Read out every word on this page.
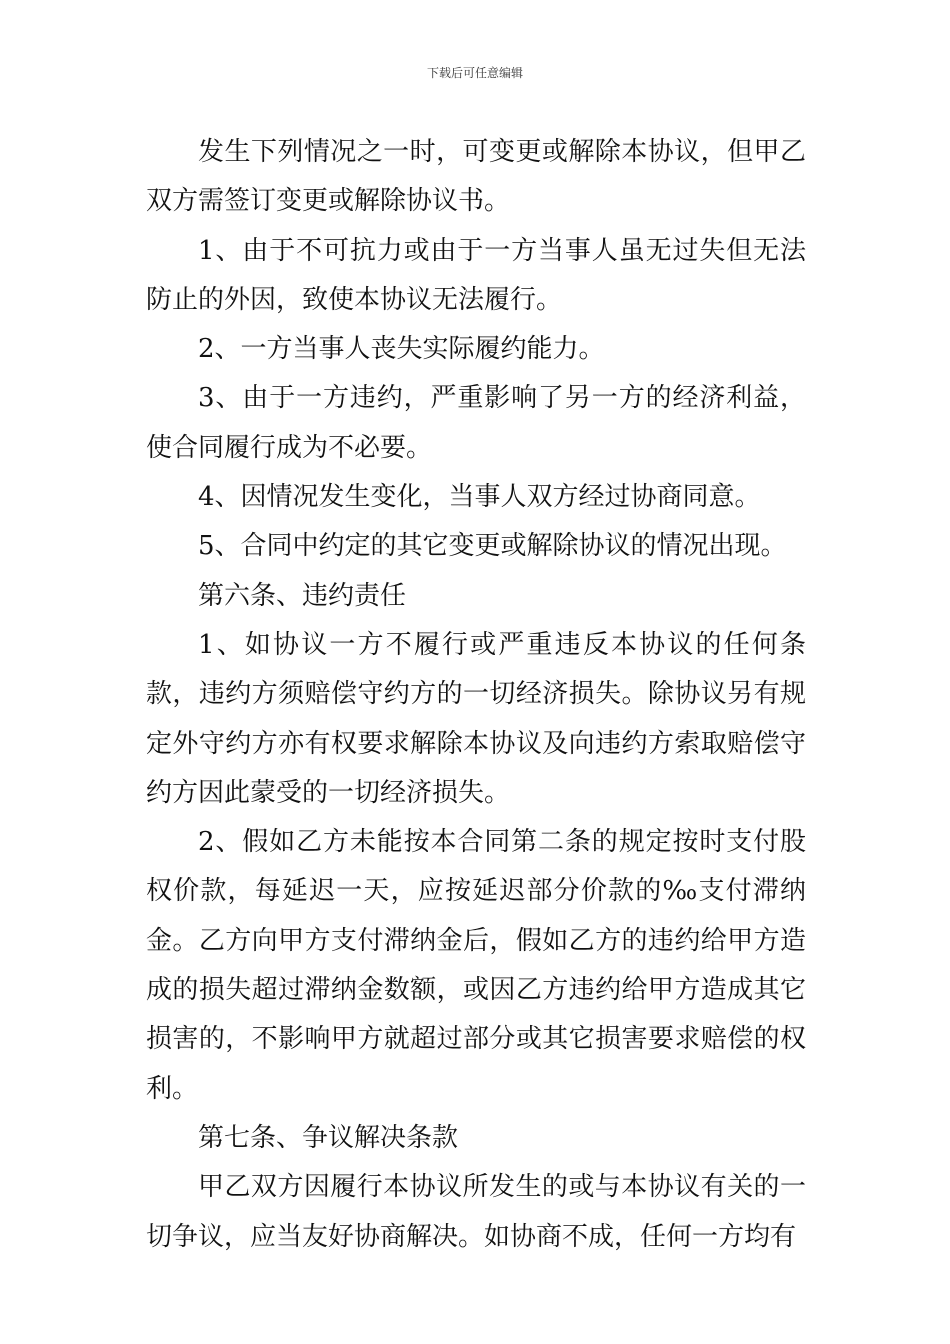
下载后可任意编辑

发生下列情况之一时，可变更或解除本协议，但甲乙双方需签订变更或解除协议书。

1、由于不可抗力或由于一方当事人虽无过失但无法防止的外因，致使本协议无法履行。

2、一方当事人丧失实际履约能力。

3、由于一方违约，严重影响了另一方的经济利益，使合同履行成为不必要。

4、因情况发生变化，当事人双方经过协商同意。

5、合同中约定的其它变更或解除协议的情况出现。

第六条、违约责任

1、如协议一方不履行或严重违反本协议的任何条款，违约方须赔偿守约方的一切经济损失。除协议另有规定外守约方亦有权要求解除本协议及向违约方索取赔偿守约方因此蒙受的一切经济损失。

2、假如乙方未能按本合同第二条的规定按时支付股权价款，每延迟一天，应按延迟部分价款的‰支付滞纳金。乙方向甲方支付滞纳金后，假如乙方的违约给甲方造成的损失超过滞纳金数额，或因乙方违约给甲方造成其它损害的，不影响甲方就超过部分或其它损害要求赔偿的权利。

第七条、争议解决条款

甲乙双方因履行本协议所发生的或与本协议有关的一切争议，应当友好协商解决。如协商不成，任何一方均有
